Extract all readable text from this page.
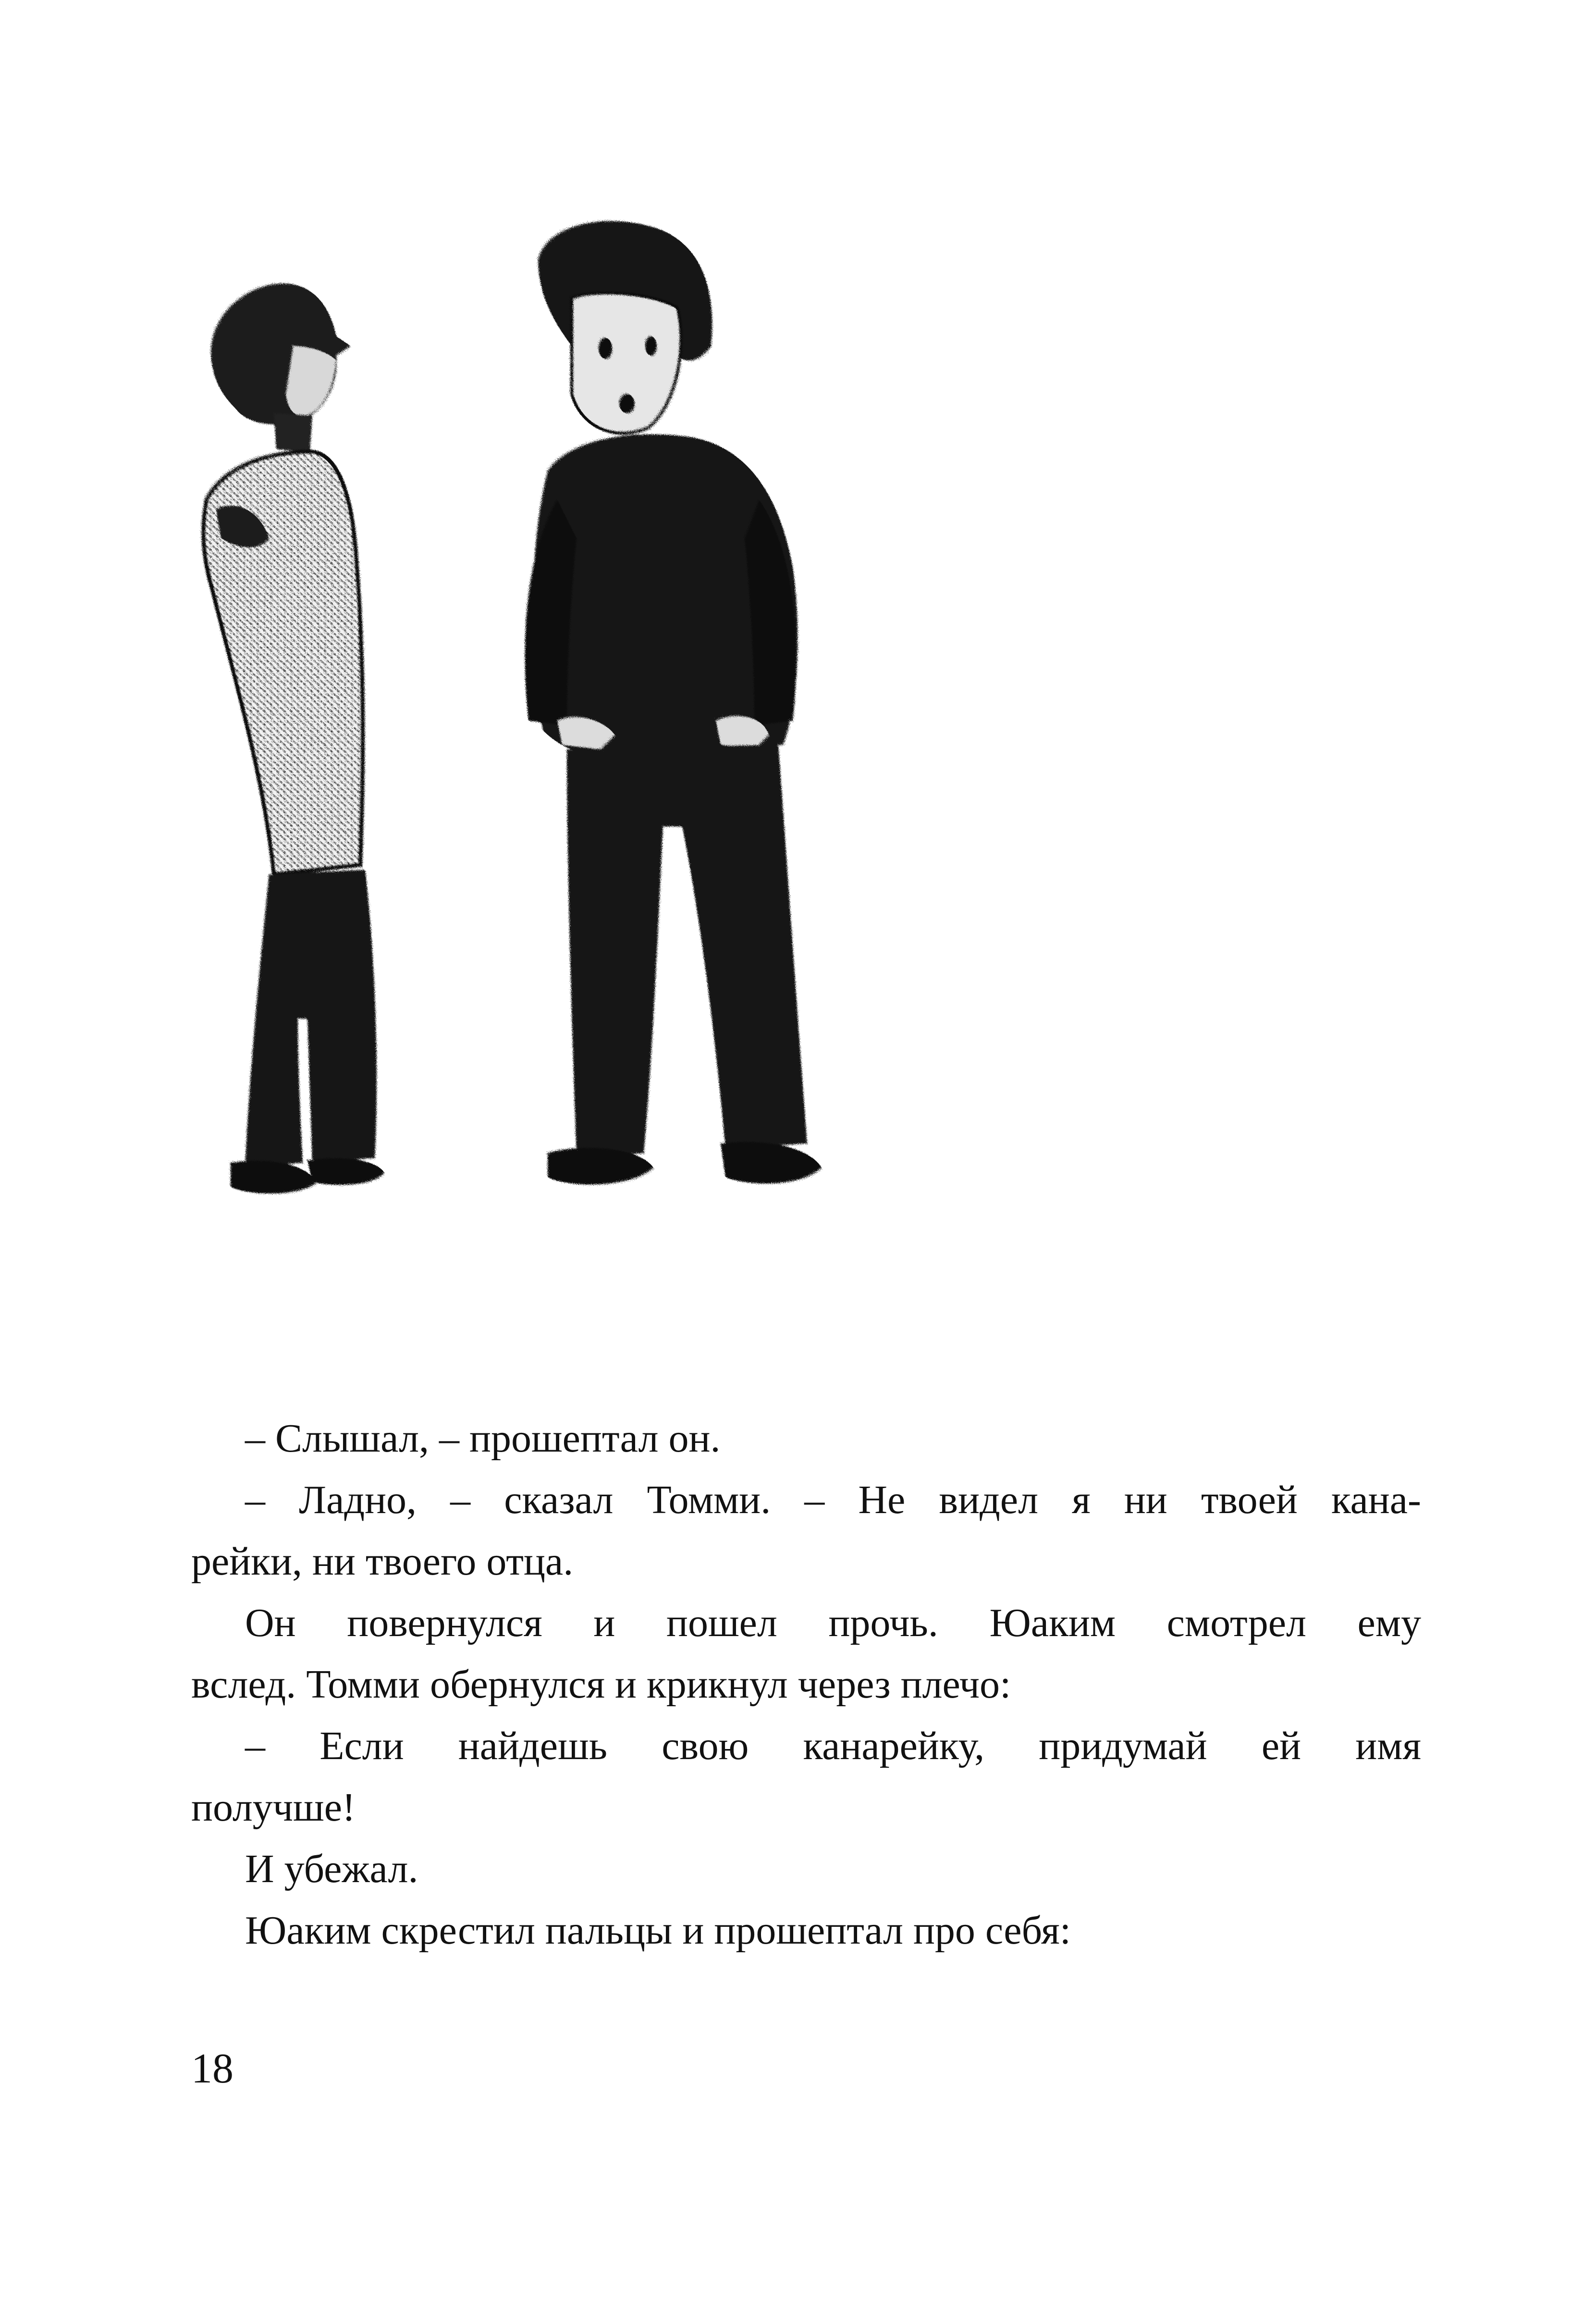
– Слышал, – прошептал он.
– Ладно, – сказал Томми. – Не видел я ни твоей кана-
рейки, ни твоего отца.
Он повернулся и пошел прочь. Юаким смотрел ему
вслед. Томми обернулся и крикнул через плечо:
– Если найдешь свою канарейку, придумай ей имя
получше!
И убежал.
Юаким скрестил пальцы и прошептал про себя:
18
